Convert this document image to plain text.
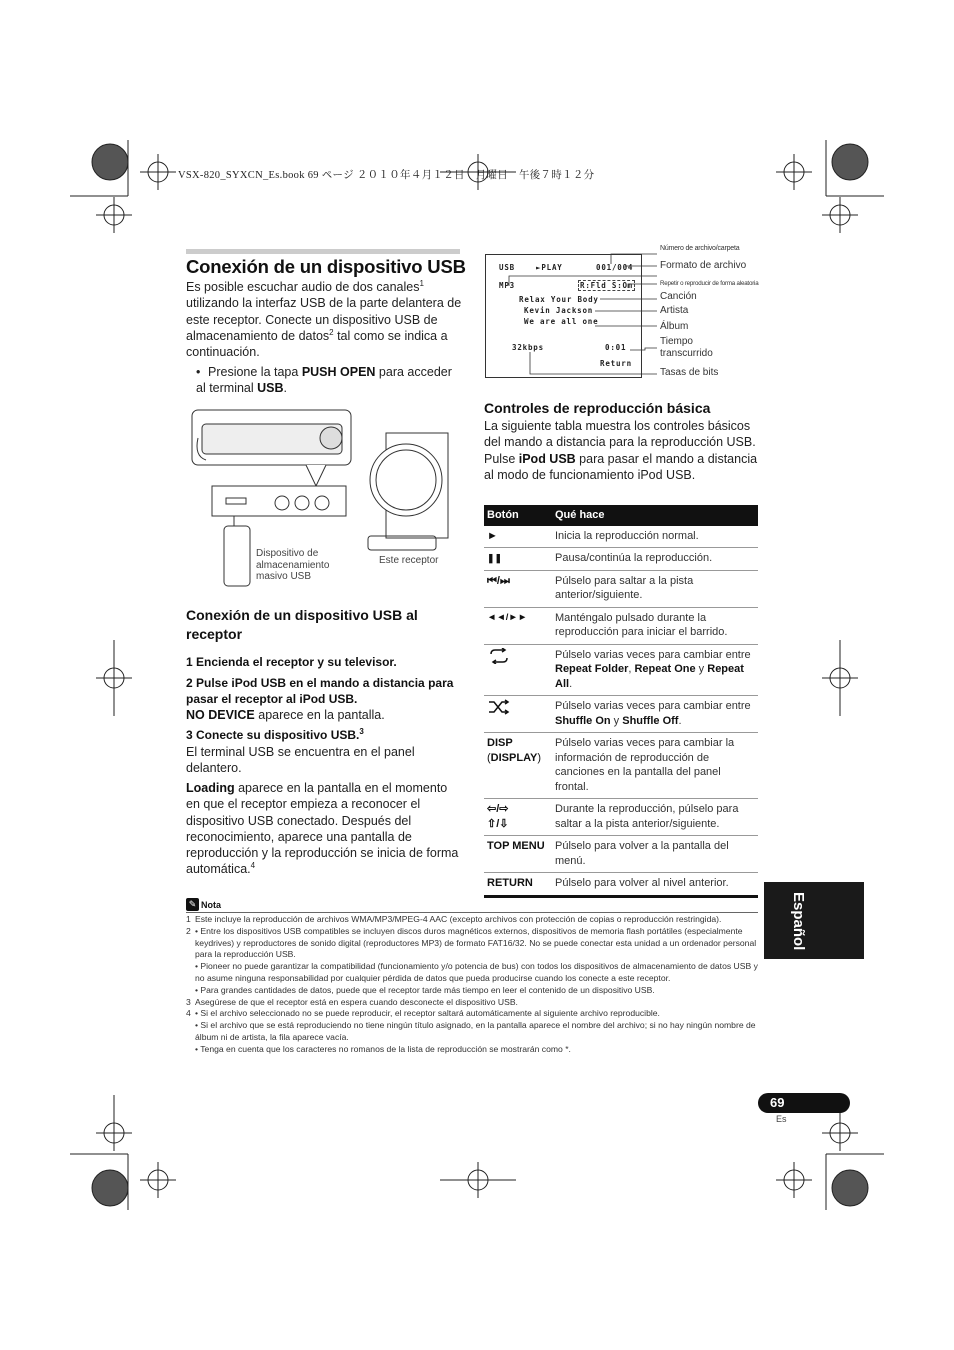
VSX-820_SYXCN_Es.book 69 ページ ２０１０年４月１２日　月曜日　午後７時１２分
Conexión de un dispositivo USB
Es posible escuchar audio de dos canales$^1$ utilizando la interfaz USB de la parte delantera de este receptor. Conecte un dispositivo USB de almacenamiento de datos$^2$ tal como se indica a continuación.
• Presione la tapa PUSH OPEN para acceder al terminal USB.
Dispositivo de almacenamiento masivo USB
Este receptor
Conexión de un dispositivo USB al receptor
1 Encienda el receptor y su televisor.
2 Pulse iPod USB en el mando a distancia para pasar el receptor al iPod USB.
NO DEVICE aparece en la pantalla.
3 Conecte su dispositivo USB.$^3$
El terminal USB se encuentra en el panel delantero.
Loading aparece en la pantalla en el momento en que el receptor empieza a reconocer el dispositivo USB conectado. Después del reconocimiento, aparece una pantalla de reproducción y la reproducción se inicia de forma automática.$^4$
USB	►PLAY	001/004
MP3	R:Fld S:On
Relax Your Body
Kevin Jackson
We are all one
32kbps	0:01
Return
Número de archivo/carpeta
Formato de archivo
Repetir o reproducir de forma aleatoria
Canción
Artista
Álbum
Tiempo transcurrido
Tasas de bits
Controles de reproducción básica
La siguiente tabla muestra los controles básicos del mando a distancia para la reproducción USB. Pulse iPod USB para pasar el mando a distancia al modo de funcionamiento iPod USB.
Botón	Qué hace
►	Inicia la reproducción normal.
❚❚	Pausa/continúa la reproducción.
⏮/⏭	Púlselo para saltar a la pista anterior/siguiente.
◄◄/►►	Manténgalo pulsado durante la reproducción para iniciar el barrido.
	Púlselo varias veces para cambiar entre Repeat Folder, Repeat One y Repeat All.
	Púlselo varias veces para cambiar entre Shuffle On y Shuffle Off.
DISP
(DISPLAY)	Púlselo varias veces para cambiar la información de reproducción de canciones en la pantalla del panel frontal.
⇦/⇨
⇧/⇩	Durante la reproducción, púlselo para saltar a la pista anterior/siguiente.
TOP MENU	Púlselo para volver a la pantalla del menú.
RETURN	Púlselo para volver al nivel anterior.
✎ Nota
1 Este incluye la reproducción de archivos WMA/MP3/MPEG-4 AAC (excepto archivos con protección de copias o reproducción restringida).
2 • Entre los dispositivos USB compatibles se incluyen discos duros magnéticos externos, dispositivos de memoria flash portátiles (especialmente keydrives) y reproductores de sonido digital (reproductores MP3) de formato FAT16/32. No se puede conectar esta unidad a un ordenador personal para la reproducción USB.
• Pioneer no puede garantizar la compatibilidad (funcionamiento y/o potencia de bus) con todos los dispositivos de almacenamiento de datos USB y no asume ninguna responsabilidad por cualquier pérdida de datos que pueda producirse cuando los conecte a este receptor.
• Para grandes cantidades de datos, puede que el receptor tarde más tiempo en leer el contenido de un dispositivo USB.
3 Asegúrese de que el receptor está en espera cuando desconecte el dispositivo USB.
4 • Si el archivo seleccionado no se puede reproducir, el receptor saltará automáticamente al siguiente archivo reproducible.
• Si el archivo que se está reproduciendo no tiene ningún título asignado, en la pantalla aparece el nombre del archivo; si no hay ningún nombre de álbum ni de artista, la fila aparece vacía.
• Tenga en cuenta que los caracteres no romanos de la lista de reproducción se mostrarán como *.
Español
69
Es
